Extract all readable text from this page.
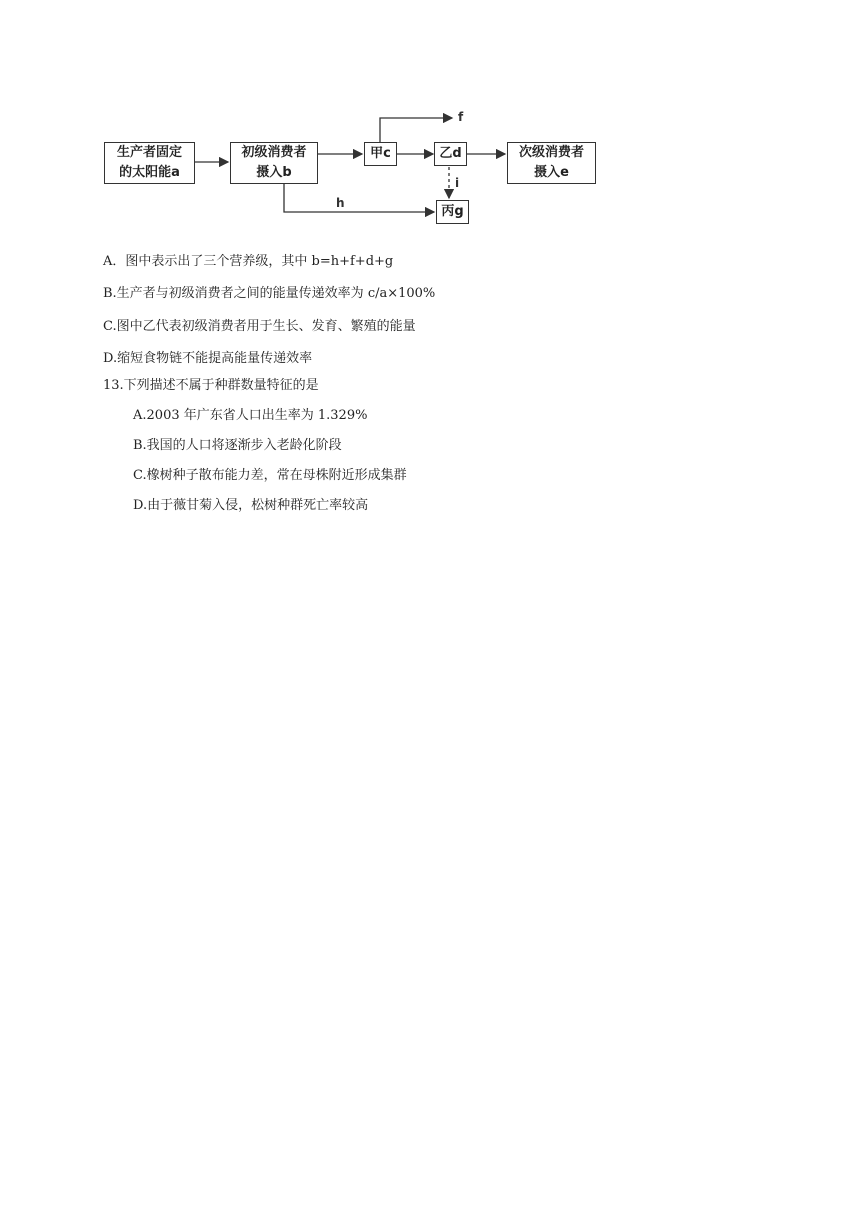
生产者固定
的太阳能a
初级消费者
摄入b
甲c	乙d
丙g
次级消费者
摄入e
f
h
i
A．图中表示出了三个营养级，其中 b=h+f+d+g
B.生产者与初级消费者之间的能量传递效率为 c/a×100%
C.图中乙代表初级消费者用于生长、发育、繁殖的能量
D.缩短食物链不能提高能量传递效率
13.下列描述不属于种群数量特征的是
A.2003 年广东省人口出生率为 1.329%
B.我国的人口将逐渐步入老龄化阶段
C.橡树种子散布能力差，常在母株附近形成集群
D.由于薇甘菊入侵，松树种群死亡率较高
